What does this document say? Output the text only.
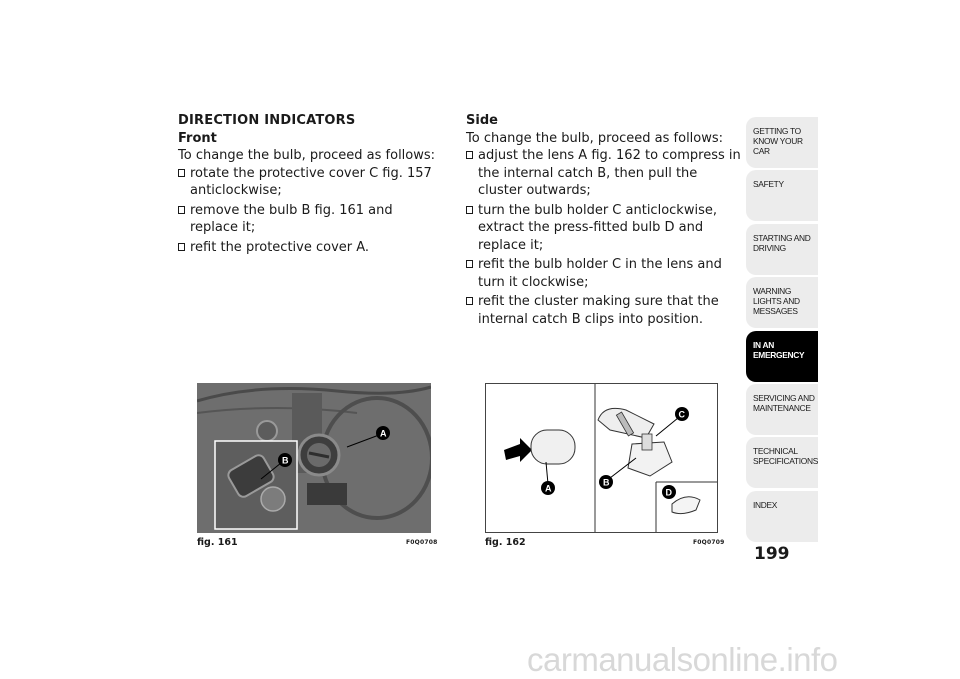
DIRECTION INDICATORS

Front

To change the bulb, proceed as follows:

rotate the protective cover C fig. 157 anticlockwise;
remove the bulb B fig. 161 and replace it;
refit the protective cover A.

Side

To change the bulb, proceed as follows:

adjust the lens A fig. 162 to compress in the internal catch B, then pull the cluster outwards;
turn the bulb holder C anticlockwise, extract the press-fitted bulb D and replace it;
refit the bulb holder C in the lens and turn it clockwise;
refit the cluster making sure that the internal catch B clips into position.
A
B
fig. 161	F0Q0708
A
B
C
D
fig. 162	F0Q0709
GETTING TO KNOW YOUR CAR
SAFETY
STARTING AND DRIVING
WARNING LIGHTS AND MESSAGES
IN AN EMERGENCY
SERVICING AND MAINTENANCE
TECHNICAL SPECIFICATIONS
INDEX
199
carmanualsonline.info
